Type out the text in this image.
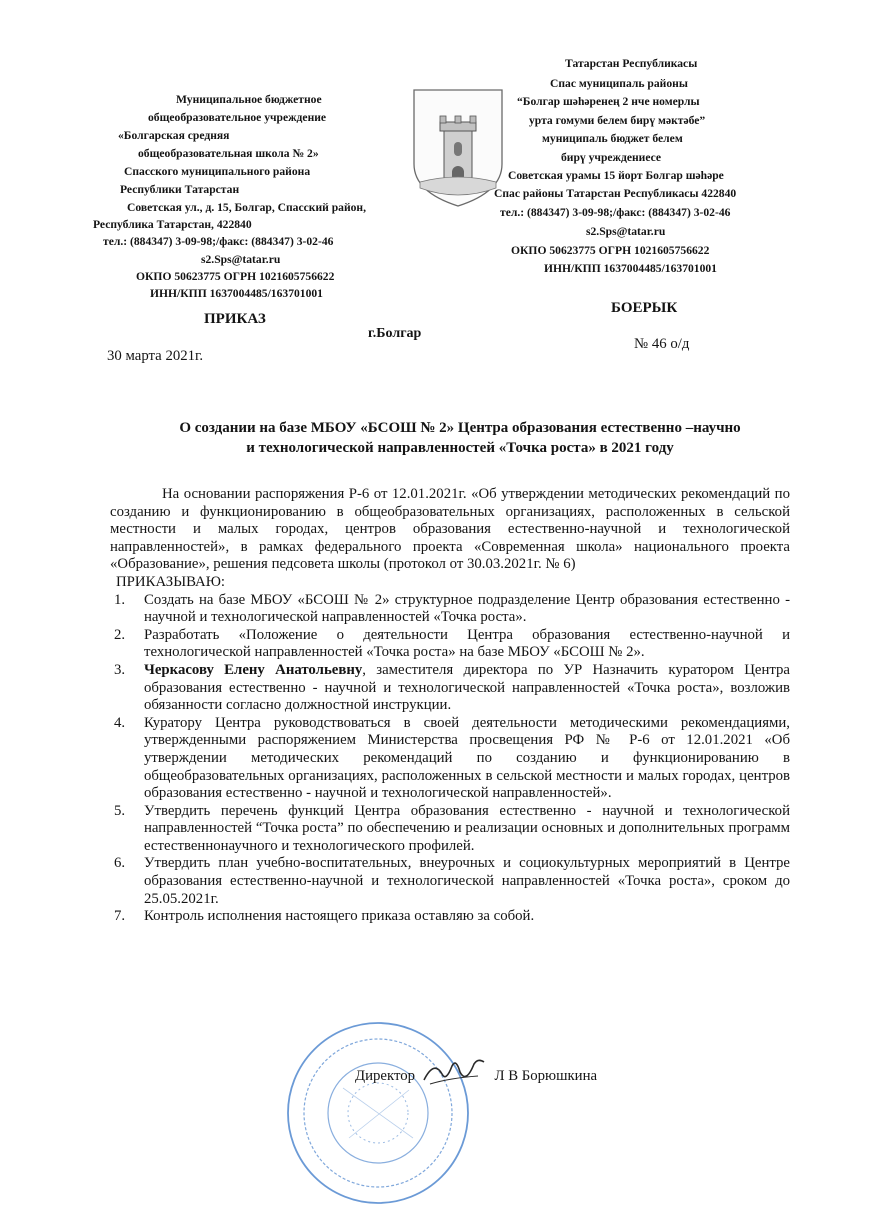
Муниципальное бюджетное
общеобразовательное учреждение
«Болгарская средняя
общеобразовательная школа № 2»
Спасского муниципального района
Республики Татарстан
Советская ул., д. 15, Болгар, Спасский район,
Республика Татарстан, 422840
тел.: (884347) 3-09-98;/факс: (884347) 3-02-46
s2.Sps@tatar.ru
ОКПО 50623775 ОГРН 1021605756622
ИНН/КПП 1637004485/163701001
Татарстан Республикасы
Спас муниципаль районы
“Болгар шәһәренең 2 нче номерлы
урта гомуми белем бирү мәктәбе”
муниципаль бюджет белем
бирү учреждениесе
Советская урамы 15 йорт Болгар шәһәре
Спас районы Татарстан Республикасы 422840
тел.: (884347) 3-09-98;/факс: (884347) 3-02-46
s2.Sps@tatar.ru
ОКПО 50623775 ОГРН 1021605756622
ИНН/КПП 1637004485/163701001
ПРИКАЗ
БОЕРЫК
г.Болгар
30 марта 2021г.
№ 46 о/д
О создании на базе МБОУ «БСОШ № 2» Центра образования естественно –научно
и технологической направленностей «Точка роста» в 2021 году

На основании распоряжения Р-6 от 12.01.2021г. «Об утверждении методических рекомендаций по созданию и функционированию в общеобразовательных организациях, расположенных в сельской местности и малых городах, центров образования естественно-научной и технологической направленностей», в рамках федерального проекта «Современная школа» национального проекта «Образование», решения педсовета школы (протокол от 30.03.2021г. № 6)

ПРИКАЗЫВАЮ:

1. Создать на базе МБОУ «БСОШ № 2» структурное подразделение Центр образования естественно - научной и технологической направленностей «Точка роста».
2. Разработать «Положение о деятельности Центра образования естественно-научной и технологической направленностей «Точка роста» на базе МБОУ «БСОШ № 2».
3. Черкасову Елену Анатольевну, заместителя директора по УР Назначить куратором Центра образования естественно - научной и технологической направленностей «Точка роста», возложив обязанности согласно должностной инструкции.
4. Куратору Центра руководствоваться в своей деятельности методическими рекомендациями, утвержденными распоряжением Министерства просвещения РФ № Р-6 от 12.01.2021 «Об утверждении методических рекомендаций по созданию и функционированию в общеобразовательных организациях, расположенных в сельской местности и малых городах, центров образования естественно - научной и технологической направленностей».
5. Утвердить перечень функций Центра образования естественно - научной и технологической направленностей “Точка роста” по обеспечению и реализации основных и дополнительных программ естественнонаучного и технологического профилей.
6. Утвердить план учебно-воспитательных, внеурочных и социокультурных мероприятий в Центре образования естественно-научной и технологической направленностей «Точка роста», сроком до 25.05.2021г.
7. Контроль исполнения настоящего приказа оставляю за собой.
Директор	Л В Борюшкина
